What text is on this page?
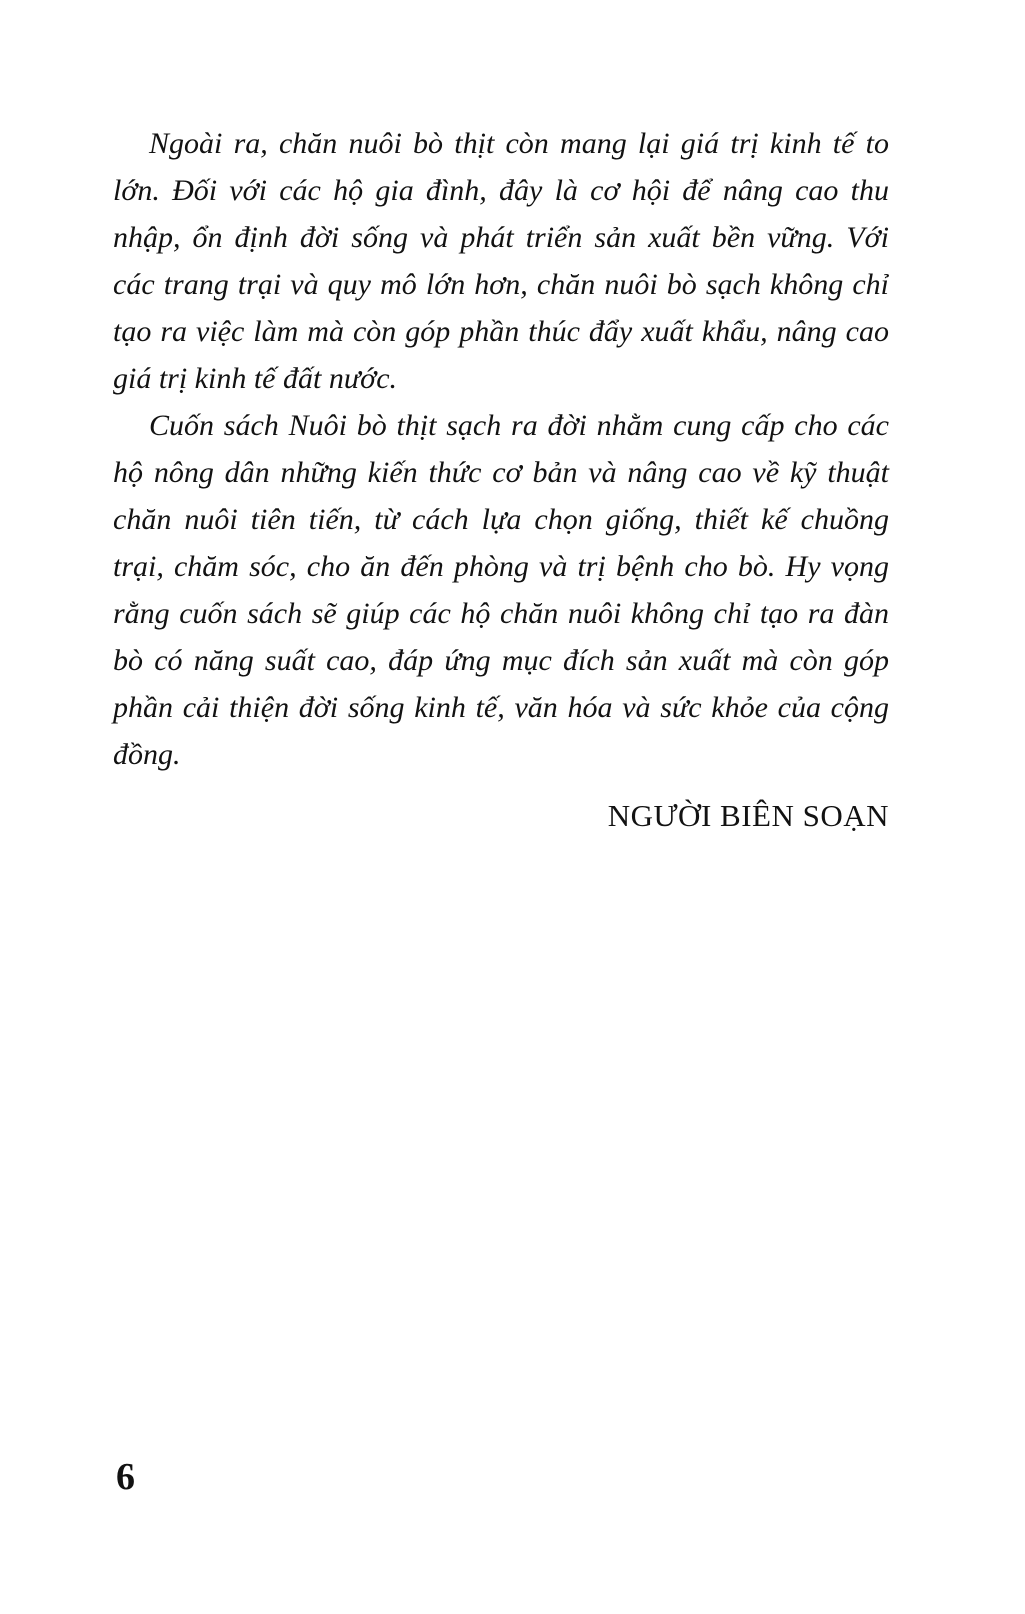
Ngoài ra, chăn nuôi bò thịt còn mang lại giá trị kinh tế to
lớn. Đối với các hộ gia đình, đây là cơ hội để nâng cao thu
nhập, ổn định đời sống và phát triển sản xuất bền vững. Với
các trang trại và quy mô lớn hơn, chăn nuôi bò sạch không chỉ
tạo ra việc làm mà còn góp phần thúc đẩy xuất khẩu, nâng cao
giá trị kinh tế đất nước.
Cuốn sách Nuôi bò thịt sạch ra đời nhằm cung cấp cho các
hộ nông dân những kiến thức cơ bản và nâng cao về kỹ thuật
chăn nuôi tiên tiến, từ cách lựa chọn giống, thiết kế chuồng
trại, chăm sóc, cho ăn đến phòng và trị bệnh cho bò. Hy vọng
rằng cuốn sách sẽ giúp các hộ chăn nuôi không chỉ tạo ra đàn
bò có năng suất cao, đáp ứng mục đích sản xuất mà còn góp
phần cải thiện đời sống kinh tế, văn hóa và sức khỏe của cộng
đồng.
NGƯỜI BIÊN SOẠN
6
